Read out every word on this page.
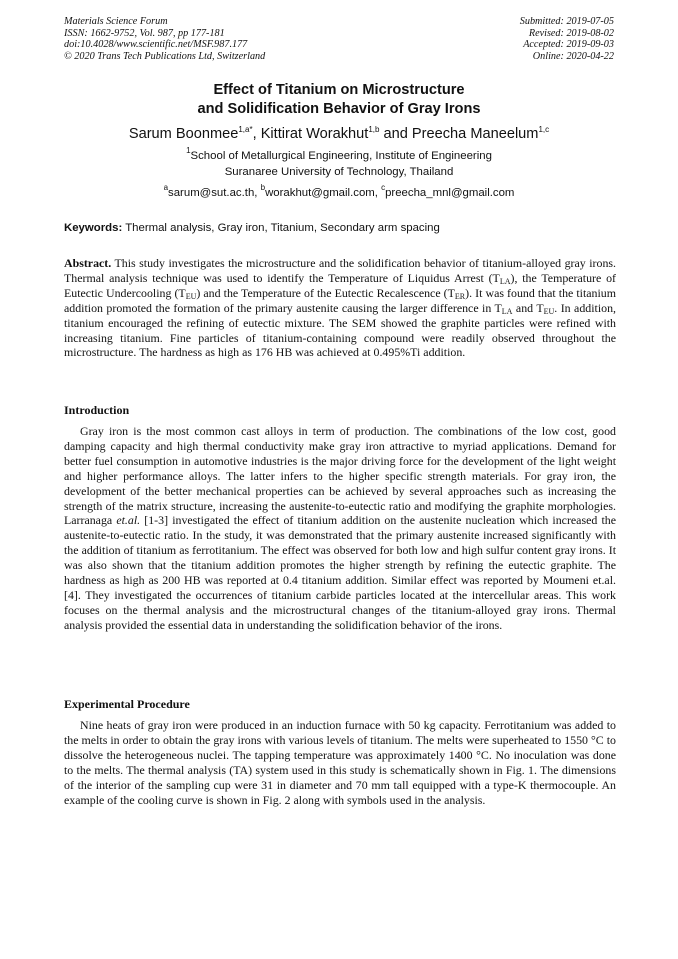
Materials Science Forum
ISSN: 1662-9752, Vol. 987, pp 177-181
doi:10.4028/www.scientific.net/MSF.987.177
© 2020 Trans Tech Publications Ltd, Switzerland
Submitted: 2019-07-05
Revised: 2019-08-02
Accepted: 2019-09-03
Online: 2020-04-22
Effect of Titanium on Microstructure
and Solidification Behavior of Gray Irons
Sarum Boonmee$^{1,a*}$, Kittirat Worakhut$^{1,b}$ and Preecha Maneelum$^{1,c}$
$^1$School of Metallurgical Engineering, Institute of Engineering
Suranaree University of Technology, Thailand
$^a$sarum@sut.ac.th, $^b$worakhut@gmail.com, $^c$preecha_mnl@gmail.com
Keywords: Thermal analysis, Gray iron, Titanium, Secondary arm spacing
Abstract. This study investigates the microstructure and the solidification behavior of titanium-alloyed gray irons. Thermal analysis technique was used to identify the Temperature of Liquidus Arrest $(T_{LA})$, the Temperature of Eutectic Undercooling $(T_{EU})$ and the Temperature of the Eutectic Recalescence $(T_{ER})$. It was found that the titanium addition promoted the formation of the primary austenite causing the larger difference in $T_{LA}$ and $T_{EU}$. In addition, titanium encouraged the refining of eutectic mixture. The SEM showed the graphite particles were refined with increasing titanium. Fine particles of titanium-containing compound were readily observed throughout the microstructure. The hardness as high as 176 HB was achieved at 0.495%Ti addition.
Introduction
Gray iron is the most common cast alloys in term of production. The combinations of the low cost, good damping capacity and high thermal conductivity make gray iron attractive to myriad applications. Demand for better fuel consumption in automotive industries is the major driving force for the development of the light weight and higher performance alloys. The latter infers to the higher specific strength materials. For gray iron, the development of the better mechanical properties can be achieved by several approaches such as increasing the strength of the matrix structure, increasing the austenite-to-eutectic ratio and modifying the graphite morphologies. Larranaga et.al. [1-3] investigated the effect of titanium addition on the austenite nucleation which increased the austenite-to-eutectic ratio. In the study, it was demonstrated that the primary austenite increased significantly with the addition of titanium as ferrotitanium. The effect was observed for both low and high sulfur content gray irons. It was also shown that the titanium addition promotes the higher strength by refining the eutectic graphite. The hardness as high as 200 HB was reported at 0.4 titanium addition. Similar effect was reported by Moumeni et.al. [4]. They investigated the occurrences of titanium carbide particles located at the intercellular areas. This work focuses on the thermal analysis and the microstructural changes of the titanium-alloyed gray irons. Thermal analysis provided the essential data in understanding the solidification behavior of the irons.
Experimental Procedure
Nine heats of gray iron were produced in an induction furnace with 50 kg capacity. Ferrotitanium was added to the melts in order to obtain the gray irons with various levels of titanium. The melts were superheated to 1550 °C to dissolve the heterogeneous nuclei. The tapping temperature was approximately 1400 °C. No inoculation was done to the melts. The thermal analysis (TA) system used in this study is schematically shown in Fig. 1. The dimensions of the interior of the sampling cup were 31 in diameter and 70 mm tall equipped with a type-K thermocouple. An example of the cooling curve is shown in Fig. 2 along with symbols used in the analysis.
